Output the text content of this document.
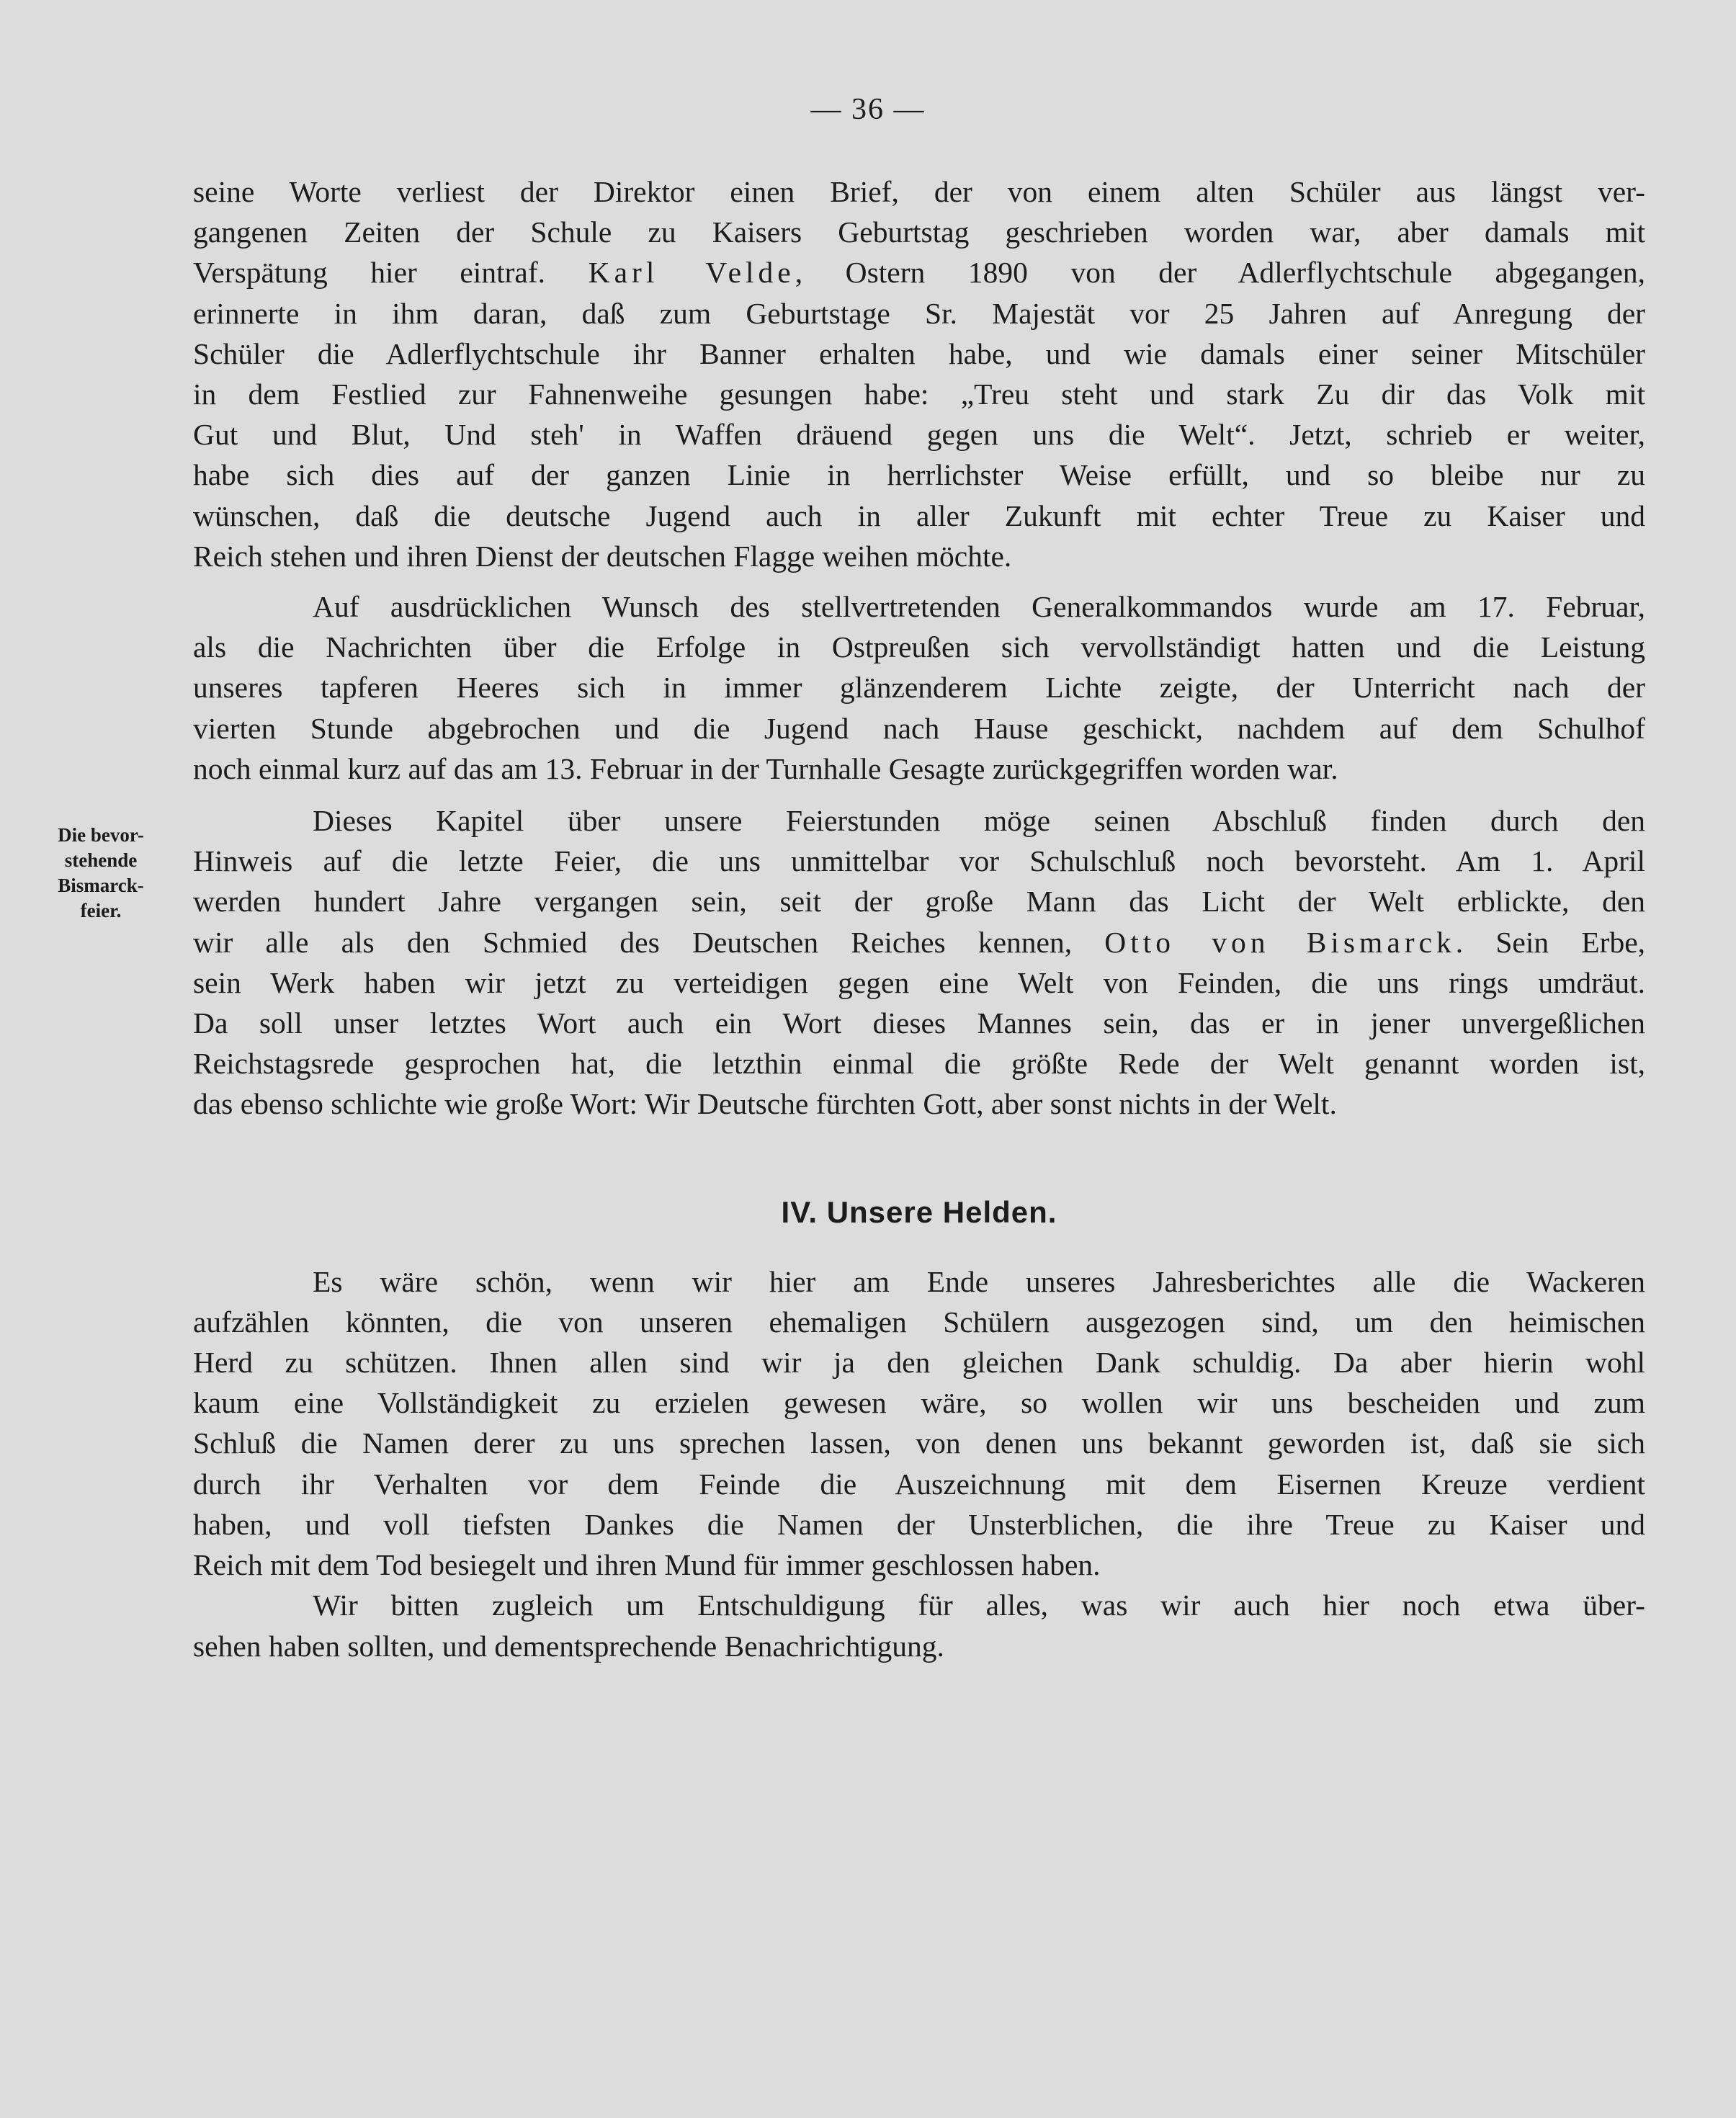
— 36 —
Die bevor-
stehende
Bismarck-
feier.
seine Worte verliest der Direktor einen Brief, der von einem alten Schüler aus längst ver-
gangenen Zeiten der Schule zu Kaisers Geburtstag geschrieben worden war, aber damals mit
Verspätung hier eintraf. Karl Velde, Ostern 1890 von der Adlerflychtschule abgegangen,
erinnerte in ihm daran, daß zum Geburtstage Sr. Majestät vor 25 Jahren auf Anregung der
Schüler die Adlerflychtschule ihr Banner erhalten habe, und wie damals einer seiner Mitschüler
in dem Festlied zur Fahnenweihe gesungen habe: „Treu steht und stark Zu dir das Volk mit
Gut und Blut, Und steh' in Waffen dräuend gegen uns die Welt“. Jetzt, schrieb er weiter,
habe sich dies auf der ganzen Linie in herrlichster Weise erfüllt, und so bleibe nur zu
wünschen, daß die deutsche Jugend auch in aller Zukunft mit echter Treue zu Kaiser und
Reich stehen und ihren Dienst der deutschen Flagge weihen möchte.
Auf ausdrücklichen Wunsch des stellvertretenden Generalkommandos wurde am 17. Februar,
als die Nachrichten über die Erfolge in Ostpreußen sich vervollständigt hatten und die Leistung
unseres tapferen Heeres sich in immer glänzenderem Lichte zeigte, der Unterricht nach der
vierten Stunde abgebrochen und die Jugend nach Hause geschickt, nachdem auf dem Schulhof
noch einmal kurz auf das am 13. Februar in der Turnhalle Gesagte zurückgegriffen worden war.
Dieses Kapitel über unsere Feierstunden möge seinen Abschluß finden durch den
Hinweis auf die letzte Feier, die uns unmittelbar vor Schulschluß noch bevorsteht. Am 1. April
werden hundert Jahre vergangen sein, seit der große Mann das Licht der Welt erblickte, den
wir alle als den Schmied des Deutschen Reiches kennen, Otto von Bismarck. Sein Erbe,
sein Werk haben wir jetzt zu verteidigen gegen eine Welt von Feinden, die uns rings umdräut.
Da soll unser letztes Wort auch ein Wort dieses Mannes sein, das er in jener unvergeßlichen
Reichstagsrede gesprochen hat, die letzthin einmal die größte Rede der Welt genannt worden ist,
das ebenso schlichte wie große Wort: Wir Deutsche fürchten Gott, aber sonst nichts in der Welt.
IV. Unsere Helden.
Es wäre schön, wenn wir hier am Ende unseres Jahresberichtes alle die Wackeren
aufzählen könnten, die von unseren ehemaligen Schülern ausgezogen sind, um den heimischen
Herd zu schützen. Ihnen allen sind wir ja den gleichen Dank schuldig. Da aber hierin wohl
kaum eine Vollständigkeit zu erzielen gewesen wäre, so wollen wir uns bescheiden und zum
Schluß die Namen derer zu uns sprechen lassen, von denen uns bekannt geworden ist, daß sie sich
durch ihr Verhalten vor dem Feinde die Auszeichnung mit dem Eisernen Kreuze verdient
haben, und voll tiefsten Dankes die Namen der Unsterblichen, die ihre Treue zu Kaiser und
Reich mit dem Tod besiegelt und ihren Mund für immer geschlossen haben.
Wir bitten zugleich um Entschuldigung für alles, was wir auch hier noch etwa über-
sehen haben sollten, und dementsprechende Benachrichtigung.
